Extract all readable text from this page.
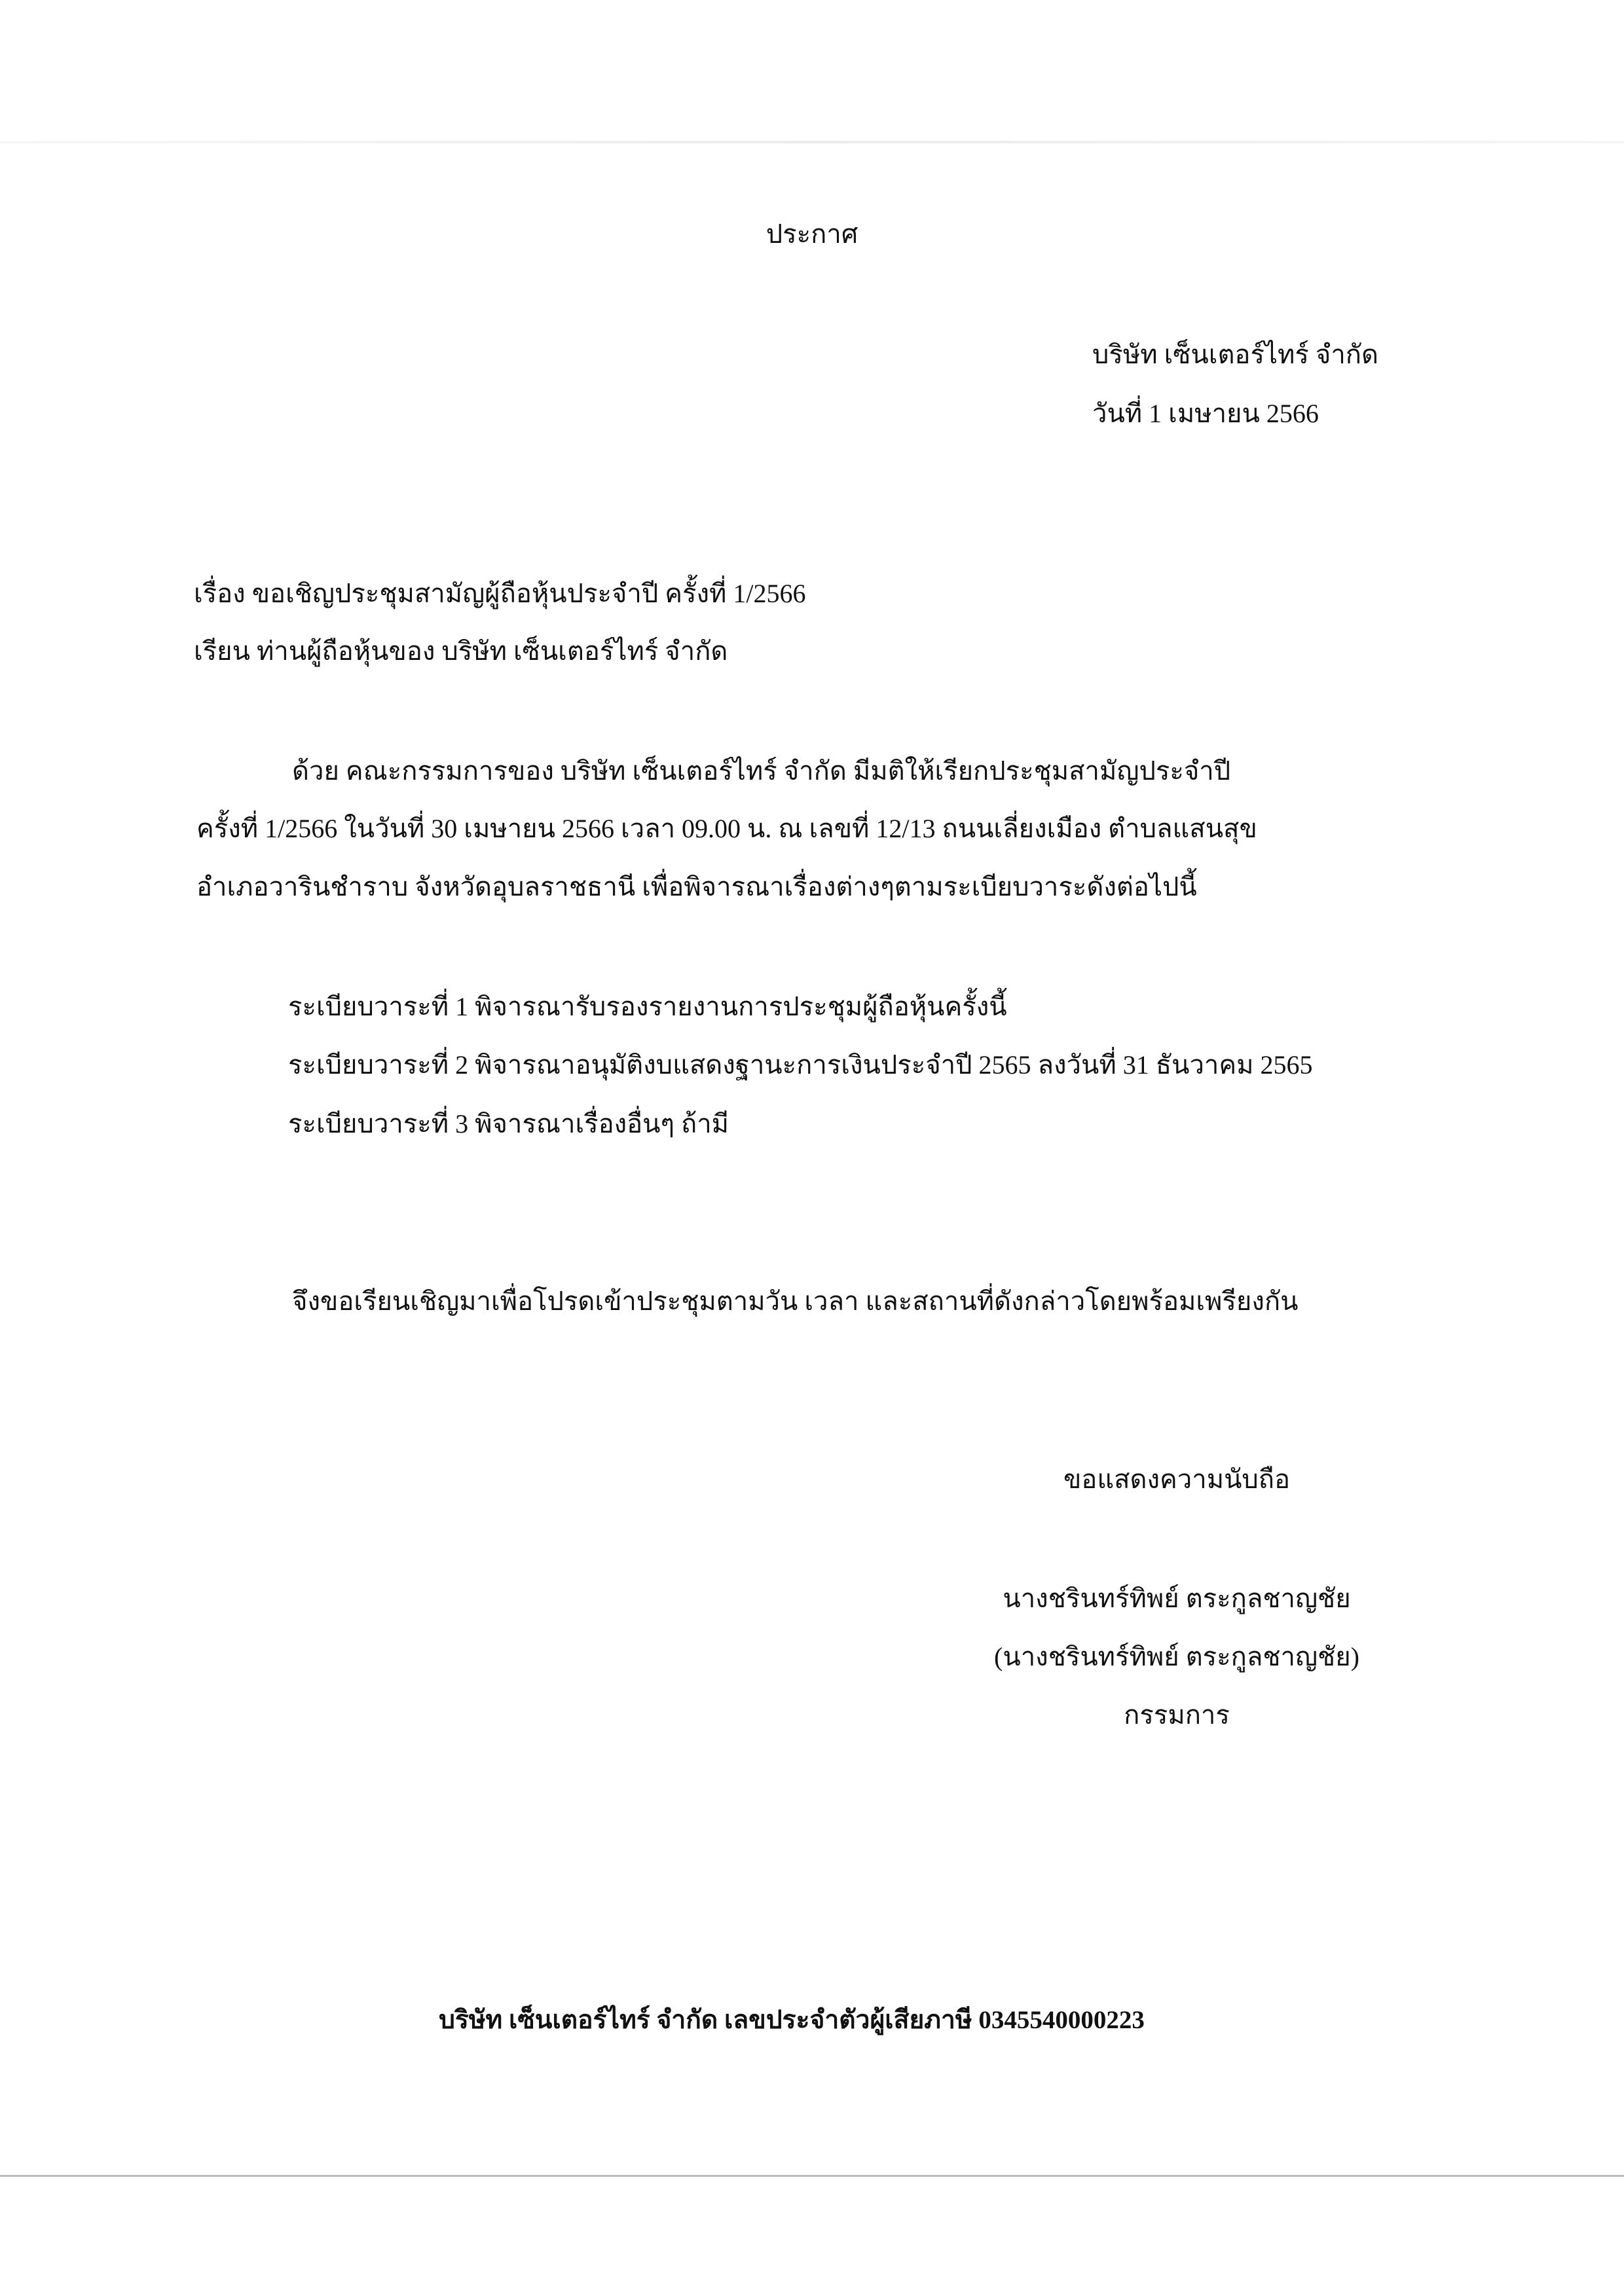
ประกาศ
บริษัท เซ็นเตอร์ไทร์ จำกัด
วันที่ 1 เมษายน 2566
เรื่อง ขอเชิญประชุมสามัญผู้ถือหุ้นประจำปี ครั้งที่ 1/2566
เรียน ท่านผู้ถือหุ้นของ บริษัท เซ็นเตอร์ไทร์ จำกัด
ด้วย คณะกรรมการของ บริษัท เซ็นเตอร์ไทร์ จำกัด มีมติให้เรียกประชุมสามัญประจำปี
ครั้งที่ 1/2566 ในวันที่ 30 เมษายน 2566 เวลา 09.00 น. ณ เลขที่ 12/13 ถนนเลี่ยงเมือง ตำบลแสนสุข
อำเภอวารินชำราบ จังหวัดอุบลราชธานี เพื่อพิจารณาเรื่องต่างๆตามระเบียบวาระดังต่อไปนี้
ระเบียบวาระที่ 1 พิจารณารับรองรายงานการประชุมผู้ถือหุ้นครั้งนี้
ระเบียบวาระที่ 2 พิจารณาอนุมัติงบแสดงฐานะการเงินประจำปี 2565 ลงวันที่ 31 ธันวาคม 2565
ระเบียบวาระที่ 3 พิจารณาเรื่องอื่นๆ ถ้ามี
จึงขอเรียนเชิญมาเพื่อโปรดเข้าประชุมตามวัน เวลา และสถานที่ดังกล่าวโดยพร้อมเพรียงกัน
ขอแสดงความนับถือ
นางชรินทร์ทิพย์ ตระกูลชาญชัย
(นางชรินทร์ทิพย์ ตระกูลชาญชัย)
กรรมการ
บริษัท เซ็นเตอร์ไทร์ จำกัด เลขประจำตัวผู้เสียภาษี 0345540000223
